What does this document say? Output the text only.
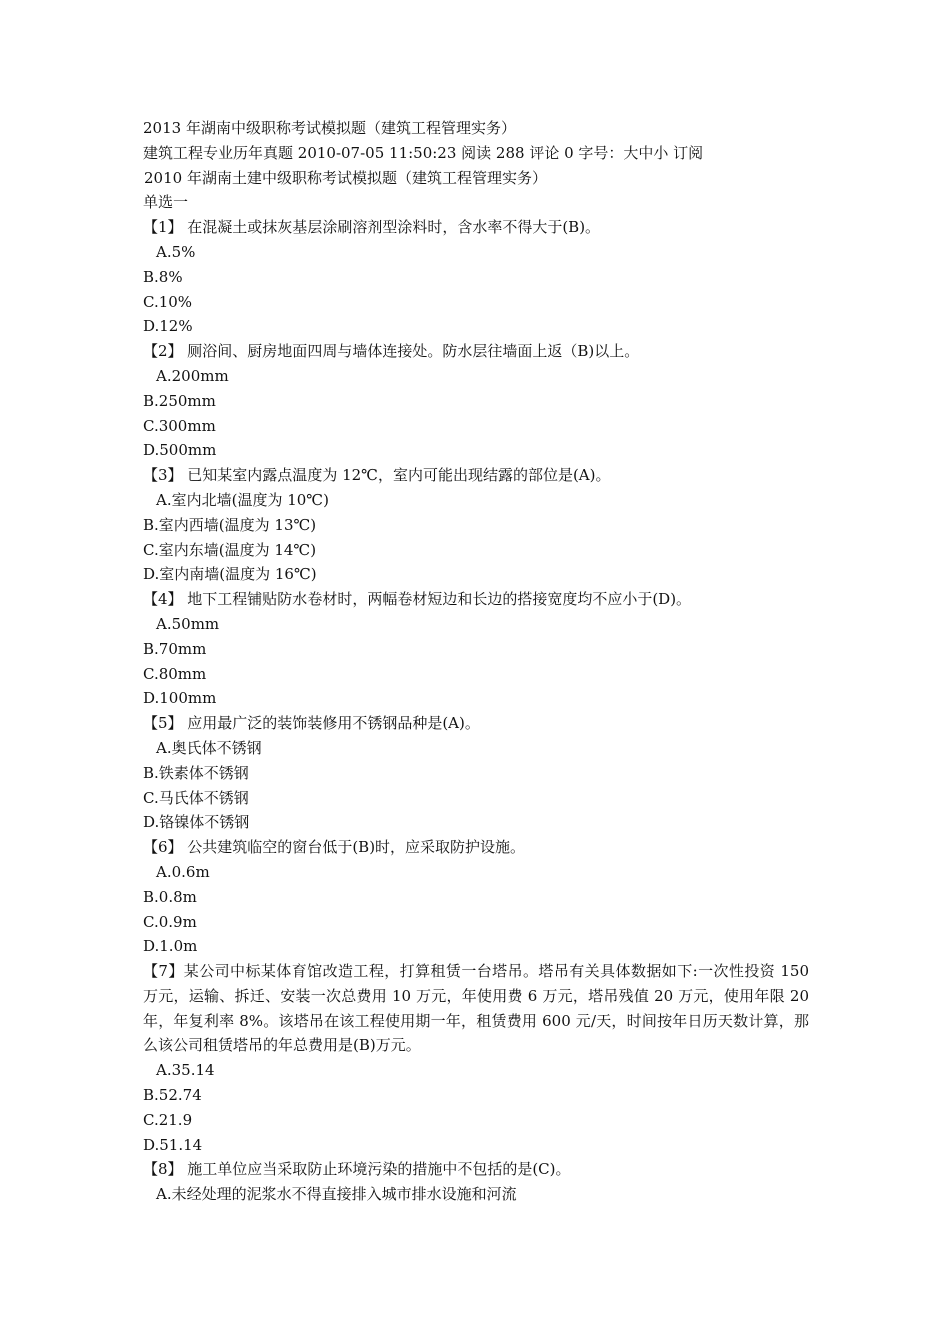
2013 年湖南中级职称考试模拟题（建筑工程管理实务）
建筑工程专业历年真题 2010-07-05 11:50:23 阅读 288 评论 0 字号：大中小 订阅
2010 年湖南土建中级职称考试模拟题（建筑工程管理实务）
单选一
【1】 在混凝土或抹灰基层涂刷溶剂型涂料时，含水率不得大于(B)。
A.5%
B.8%
C.10%
D.12%
【2】 厕浴间、厨房地面四周与墙体连接处。防水层往墙面上返（B)以上。
A.200mm
B.250mm
C.300mm
D.500mm
【3】 已知某室内露点温度为 12℃，室内可能出现结露的部位是(A)。
A.室内北墙(温度为 10℃)
B.室内西墙(温度为 13℃)
C.室内东墙(温度为 14℃)
D.室内南墙(温度为 16℃)
【4】 地下工程铺贴防水卷材时，两幅卷材短边和长边的搭接宽度均不应小于(D)。
A.50mm
B.70mm
C.80mm
D.100mm
【5】 应用最广泛的装饰装修用不锈钢品种是(A)。
A.奥氏体不锈钢
B.铁素体不锈钢
C.马氏体不锈钢
D.铬镍体不锈钢
【6】 公共建筑临空的窗台低于(B)时，应采取防护设施。
A.0.6m
B.0.8m
C.0.9m
D.1.0m
【7】某公司中标某体育馆改造工程，打算租赁一台塔吊。塔吊有关具体数据如下:一次性投资 150 万元，运输、拆迁、安装一次总费用 10 万元，年使用费 6 万元，塔吊残值 20 万元，使用年限 20 年，年复利率 8%。该塔吊在该工程使用期一年，租赁费用 600 元/天，时间按年日历天数计算，那么该公司租赁塔吊的年总费用是(B)万元。
A.35.14
B.52.74
C.21.9
D.51.14
【8】 施工单位应当采取防止环境污染的措施中不包括的是(C)。
A.未经处理的泥浆水不得直接排入城市排水设施和河流
